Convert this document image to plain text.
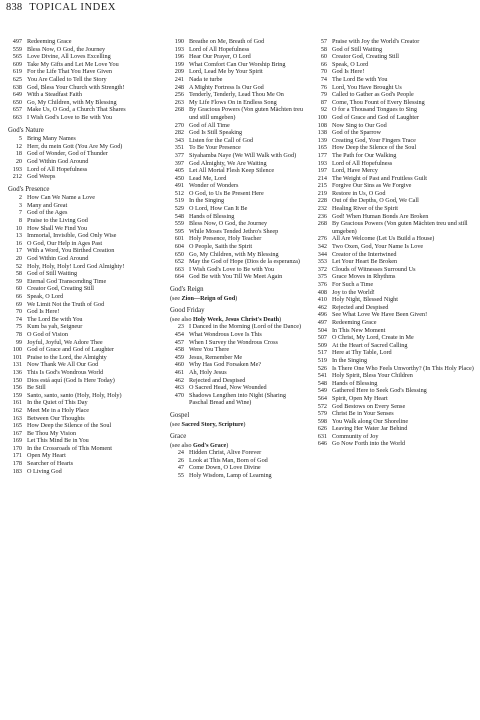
838 TOPICAL INDEX
497 Redeeming Grace
559 Bless Now, O God, the Journey
565 Love Divine, All Loves Excelling
609 Take My Gifts and Let Me Love You
619 For the Life That You Have Given
625 You Are Called to Tell the Story
638 God, Bless Your Church with Strength!
649 With a Steadfast Faith
650 Go, My Children, with My Blessing
657 Make Us, O God, a Church That Shares
663 I Wish God's Love to Be with You
God's Nature
5 Bring Many Names
12 Herr, du mein Gott (You Are My God)
18 God of Wonder, God of Thunder
20 God Within God Around
193 Lord of All Hopefulness
212 God Weeps
God's Presence
2 How Can We Name a Love
3 Many and Great
7 God of the Ages
8 Praise to the Living God
10 How Shall We Find You
13 Immortal, Invisible, God Only Wise
16 O God, Our Help in Ages Past
17 With a Word, You Birthed Creation
20 God Within God Around
52 Holy, Holy, Holy! Lord God Almighty!
58 God of Still Waiting
59 Eternal God Transcending Time
60 Creator God, Creating Still
66 Speak, O Lord
69 We Limit Not the Truth of God
70 God Is Here!
74 The Lord Be with You
75 Kum ba yah, Seigneur
78 O God of Vision
99 Joyful, Joyful, We Adore Thee
100 God of Grace and God of Laughter
101 Praise to the Lord, the Almighty
131 Now Thank We All Our God
136 This Is God's Wondrous World
150 Dios está aquí (God Is Here Today)
156 Be Still
159 Santo, santo, santo (Holy, Holy, Holy)
161 In the Quiet of This Day
162 Meet Me in a Holy Place
163 Between Our Thoughts
165 How Deep the Silence of the Soul
167 Be Thou My Vision
169 Let This Mind Be in You
170 In the Crossroads of This Moment
171 Open My Heart
178 Searcher of Hearts
183 O Living God
190 Breathe on Me, Breath of God
193 Lord of All Hopefulness
196 Hear Our Prayer, O Lord
199 What Comfort Can Our Worship Bring
209 Lord, Lead Me by Your Spirit
241 Nada te turbe
248 A Mighty Fortress Is Our God
256 Tenderly, Tenderly, Lead Thou Me On
263 My Life Flows On in Endless Song
268 By Gracious Powers (Von guten Mächten treu und still umgeben)
270 God of All Time
282 God Is Still Speaking
343 Listen for the Call of God
351 To Be Your Presence
377 Siyahamba Naye (We Will Walk with God)
397 God Almighty, We Are Waiting
405 Let All Mortal Flesh Keep Silence
450 Lead Me, Lord
491 Wonder of Wonders
512 O God, to Us Be Present Here
519 In the Singing
529 O Lord, How Can It Be
548 Hands of Blessing
559 Bless Now, O God, the Journey
595 While Moses Tended Jethro's Sheep
601 Holy Presence, Holy Teacher
604 O People, Saith the Spirit
650 Go, My Children, with My Blessing
652 May the God of Hope (Dios de la esperanza)
663 I Wish God's Love to Be with You
664 God Be with You Till We Meet Again
God's Reign
(see Zion—Reign of God)
Good Friday
(see also Holy Week, Jesus Christ's Death)
23 I Danced in the Morning (Lord of the Dance)
454 What Wondrous Love Is This
457 When I Survey the Wondrous Cross
458 Were You There
459 Jesus, Remember Me
460 Why Has God Forsaken Me?
461 Ah, Holy Jesus
462 Rejected and Despised
463 O Sacred Head, Now Wounded
470 Shadows Lengthen into Night (Sharing Paschal Bread and Wine)
Gospel
(see Sacred Story, Scripture)
Grace
(see also God's Grace)
24 Hidden Christ, Alive Forever
26 Look at This Man, Born of God
47 Come Down, O Love Divine
55 Holy Wisdom, Lamp of Learning
57 Praise with Joy the World's Creator
58 God of Still Waiting
60 Creator God, Creating Still
66 Speak, O Lord
70 God Is Here!
74 The Lord Be with You
76 Lord, You Have Brought Us
79 Called to Gather as God's People
87 Come, Thou Fount of Every Blessing
92 O for a Thousand Tongues to Sing
100 God of Grace and God of Laughter
108 Now Sing to Our God
138 God of the Sparrow
139 Creating God, Your Fingers Trace
165 How Deep the Silence of the Soul
177 The Path for Our Walking
193 Lord of All Hopefulness
197 Lord, Have Mercy
214 The Weight of Past and Fruitless Guilt
215 Forgive Our Sins as We Forgive
219 Restore in Us, O God
228 Out of the Depths, O God, We Call
232 Healing River of the Spirit
236 God! When Human Bonds Are Broken
268 By Gracious Powers (Von guten Mächten treu und still umgeben)
276 All Are Welcome (Let Us Build a House)
342 Two Oxen, God, Your Name Is Love
344 Creator of the Intertwined
353 Let Your Heart Be Broken
372 Clouds of Witnesses Surround Us
375 Grace Moves in Rhythms
376 For Such a Time
408 Joy to the World!
410 Holy Night, Blessed Night
462 Rejected and Despised
496 See What Love We Have Been Given!
497 Redeeming Grace
504 In This New Moment
507 O Christ, My Lord, Create in Me
509 At the Heart of Sacred Calling
517 Here at Thy Table, Lord
519 In the Singing
526 Is There One Who Feels Unworthy? (In This Holy Place)
541 Holy Spirit, Bless Your Children
548 Hands of Blessing
549 Gathered Here to Seek God's Blessing
564 Spirit, Open My Heart
572 God Bestows on Every Sense
579 Christ Be in Your Senses
598 You Walk along Our Shoreline
626 Leaving Her Water Jar Behind
631 Community of Joy
646 Go Now Forth into the World
